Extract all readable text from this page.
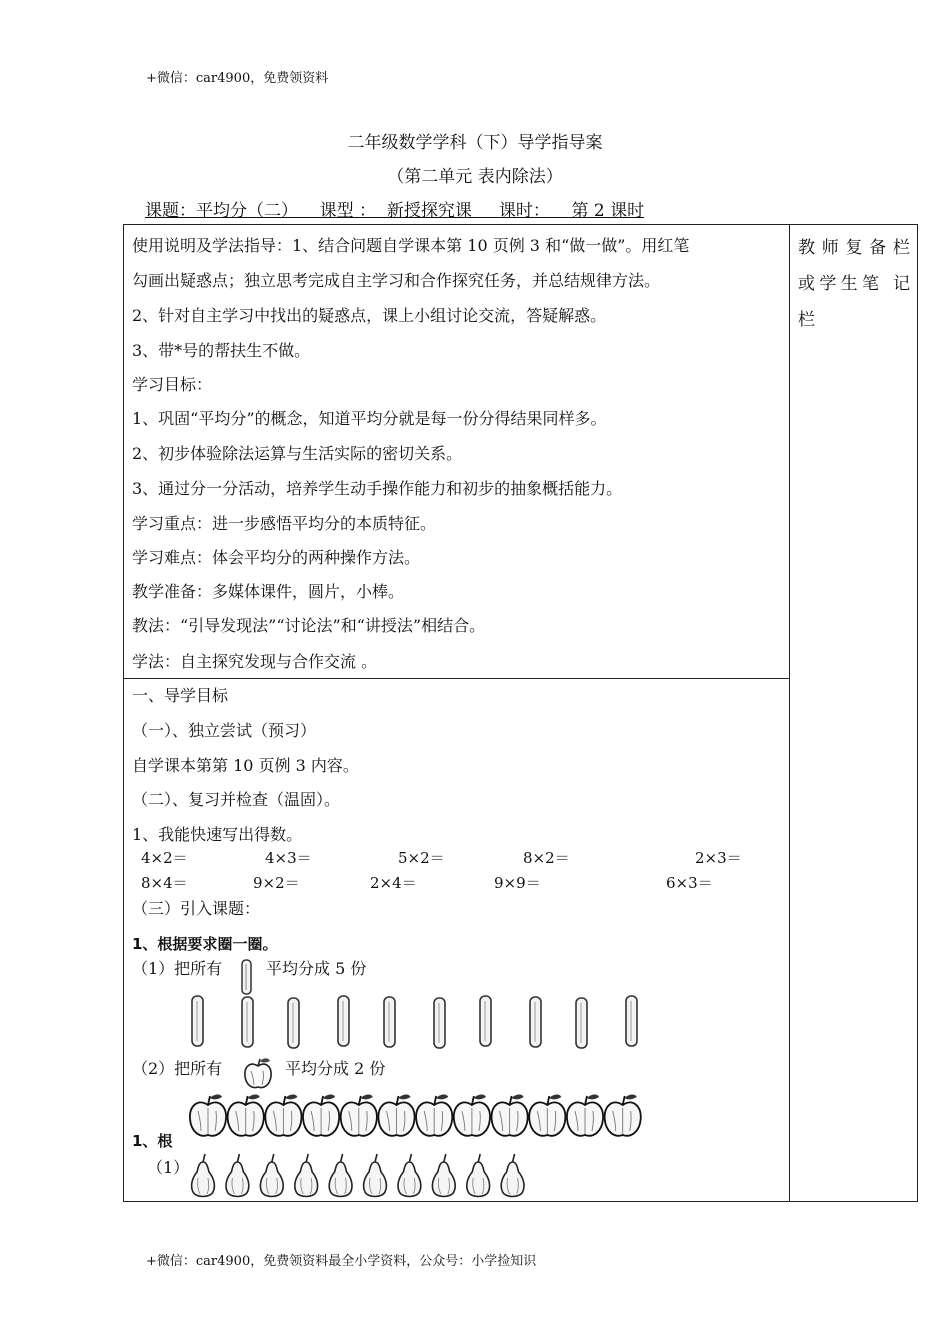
+微信：car4900，免费领资料
二年级数学学科（下）导学指导案
（第二单元 表内除法）
课题：平均分（二）    课型 ：  新授探究课     课时：    第 2 课时
教师复备栏
或学生笔 记
栏
使用说明及学法指导：1、结合问题自学课本第 10 页例 3 和“做一做”。用红笔
勾画出疑惑点；独立思考完成自主学习和合作探究任务，并总结规律方法。
2、针对自主学习中找出的疑惑点，课上小组讨论交流，答疑解惑。
3、带*号的帮扶生不做。
学习目标：
1、巩固“平均分”的概念，知道平均分就是每一份分得结果同样多。
2、初步体验除法运算与生活实际的密切关系。
3、通过分一分活动，培养学生动手操作能力和初步的抽象概括能力。
学习重点：进一步感悟平均分的本质特征。
学习难点：体会平均分的两种操作方法。
教学准备：多媒体课件，圆片，小棒。
教法：“引导发现法”“讨论法”和“讲授法”相结合。
学法：自主探究发现与合作交流 。
一、导学目标
（一）、独立尝试（预习）
自学课本第第 10 页例 3 内容。
（二）、复习并检查（温固）。
1、我能快速写出得数。
4×2＝	4×3＝	5×2＝	8×2＝	2×3＝
8×4＝	9×2＝	2×4＝	9×9＝	6×3＝
（三）引入课题：
1、根据要求圈一圈。
（1）把所有	平均分成 5 份
（2）把所有	平均分成 2 份
1、根
（1）
+微信：car4900，免费领资料最全小学资料，公众号：小学捡知识
